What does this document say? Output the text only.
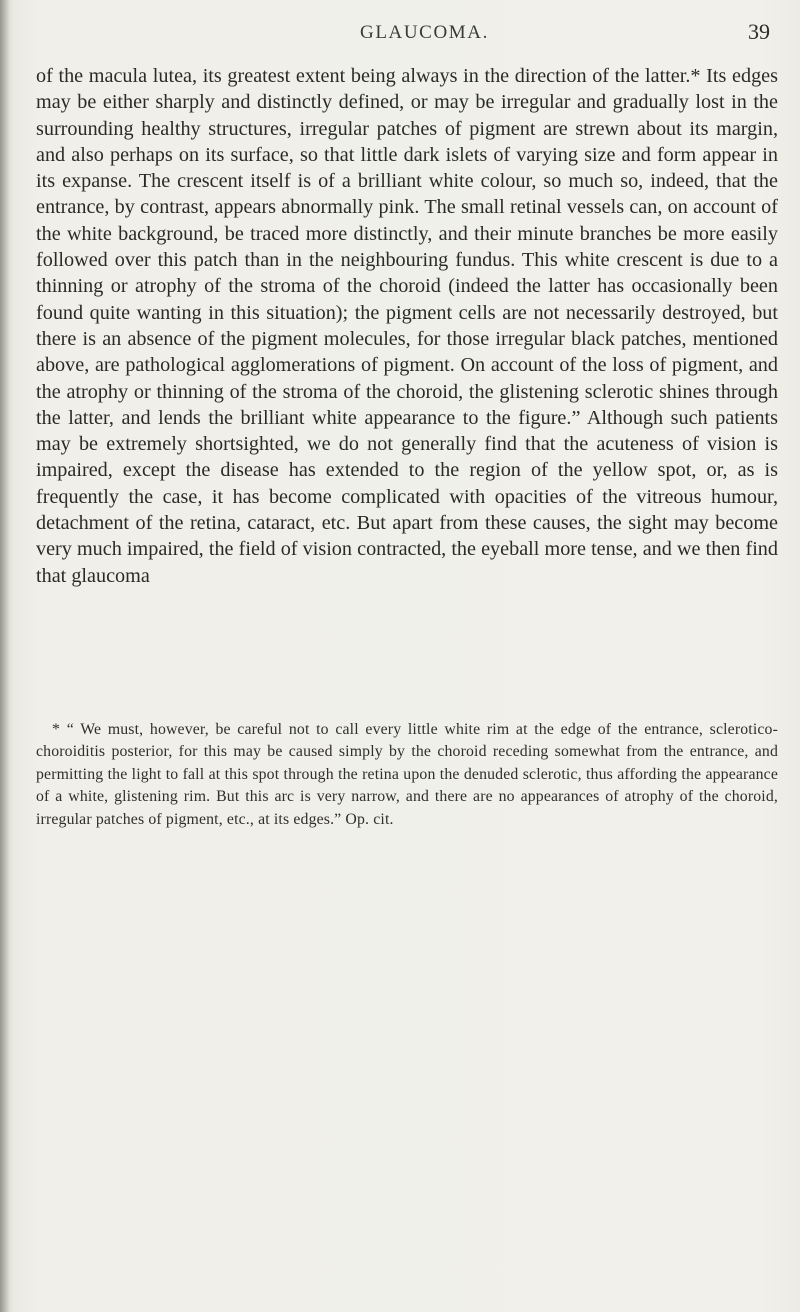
GLAUCOMA.	39

of the macula lutea, its greatest extent being always in the direction of the latter.* Its edges may be either sharply and distinctly defined, or may be irregular and gradually lost in the surrounding healthy structures, irregular patches of pigment are strewn about its margin, and also perhaps on its surface, so that little dark islets of varying size and form appear in its expanse. The crescent itself is of a brilliant white colour, so much so, indeed, that the entrance, by contrast, appears abnormally pink. The small retinal vessels can, on account of the white background, be traced more distinctly, and their minute branches be more easily followed over this patch than in the neighbouring fundus. This white crescent is due to a thinning or atrophy of the stroma of the choroid (indeed the latter has occasionally been found quite wanting in this situation); the pigment cells are not necessarily destroyed, but there is an absence of the pigment molecules, for those irregular black patches, mentioned above, are pathological agglomerations of pigment. On account of the loss of pigment, and the atrophy or thinning of the stroma of the choroid, the glistening sclerotic shines through the latter, and lends the brilliant white appearance to the figure.” Although such patients may be extremely shortsighted, we do not generally find that the acuteness of vision is impaired, except the disease has extended to the region of the yellow spot, or, as is frequently the case, it has become complicated with opacities of the vitreous humour, detachment of the retina, cataract, etc. But apart from these causes, the sight may become very much impaired, the field of vision contracted, the eyeball more tense, and we then find that glaucoma

* “ We must, however, be careful not to call every little white rim at the edge of the entrance, sclerotico-choroiditis posterior, for this may be caused simply by the choroid receding somewhat from the entrance, and permitting the light to fall at this spot through the retina upon the denuded sclerotic, thus affording the appearance of a white, glistening rim. But this arc is very narrow, and there are no appearances of atrophy of the choroid, irregular patches of pigment, etc., at its edges.” Op. cit.
